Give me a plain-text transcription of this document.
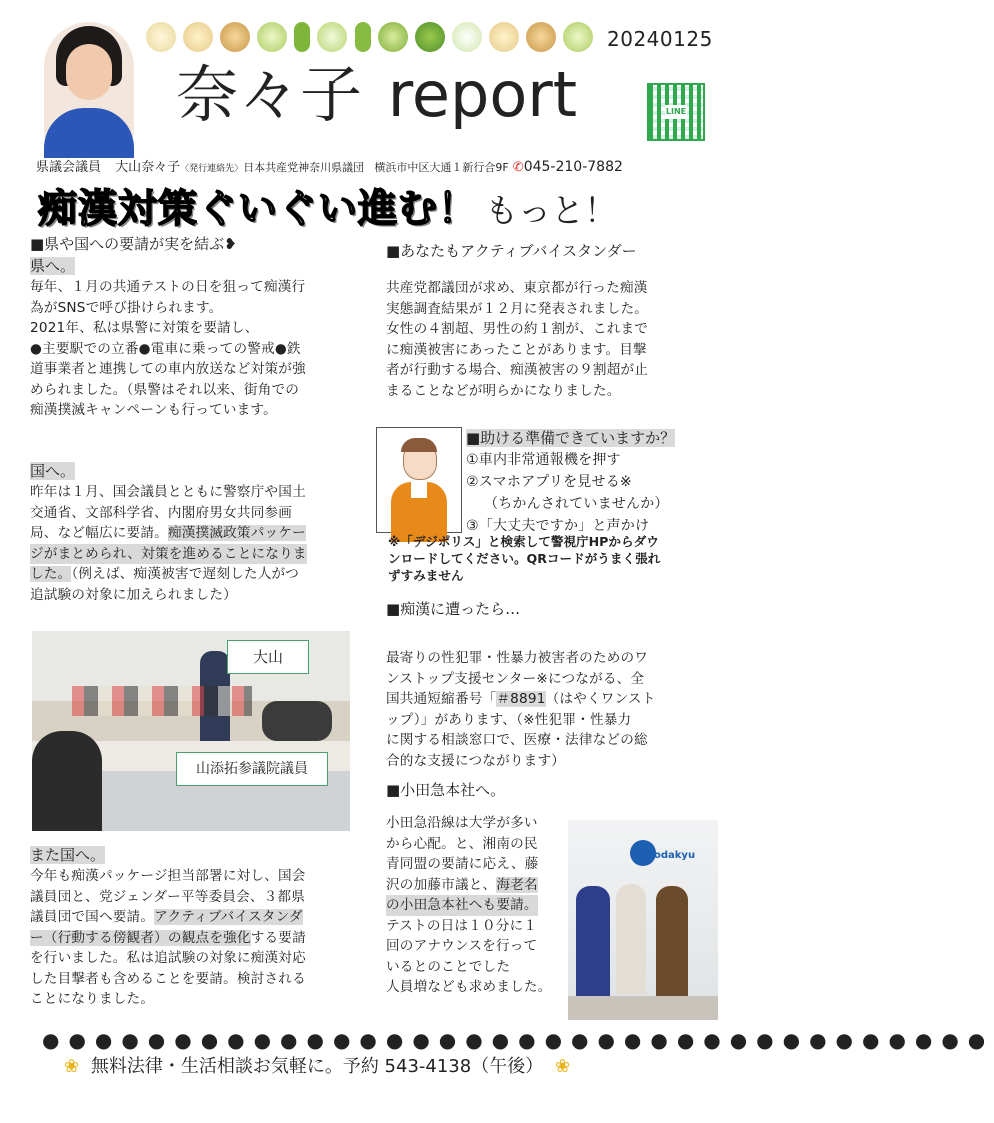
20240125
奈々子 report	LINE
県議会議員 大山奈々子〈発行連絡先〉日本共産党神奈川県議団 横浜市中区大通１新行合9F ✆045-210-7882
痴漢対策ぐいぐい進む！ もっと！
■県や国への要請が実を結ぶ❥
県へ。
毎年、１月の共通テストの日を狙って痴漢行
為がSNSで呼び掛けられます。
2021年、私は県警に対策を要請し、
●主要駅での立番●電車に乗っての警戒●鉄
道事業者と連携しての車内放送など対策が強
められました。（県警はそれ以来、街角での
痴漢撲滅キャンペーンも行っています。
国へ。
昨年は１月、国会議員とともに警察庁や国土
交通省、文部科学省、内閣府男女共同参画
局、など幅広に要請。痴漢撲滅政策パッケー
ジがまとめられ、対策を進めることになりま
した。（例えば、痴漢被害で遅刻した人がつ
追試験の対象に加えられました）
大山
山添拓参議院議員
また国へ。
今年も痴漢パッケージ担当部署に対し、国会
議員団と、党ジェンダー平等委員会、３都県
議員団で国へ要請。アクティブバイスタンダ
ー（行動する傍観者）の観点を強化する要請
を行いました。私は追試験の対象に痴漢対応
した目撃者も含めることを要請。検討される
ことになりました。
■あなたもアクティブバイスタンダー
共産党都議団が求め、東京都が行った痴漢
実態調査結果が１２月に発表されました。
女性の４割超、男性の約１割が、これまで
に痴漢被害にあったことがあります。目撃
者が行動する場合、痴漢被害の９割超が止
まることなどが明らかになりました。
■助ける準備できていますか？
①車内非常通報機を押す
②スマホアプリを見せる※
（ちかんされていませんか）
③「大丈夫ですか」と声かけ
※「デジポリス」と検索して警視庁HPからダウ
ンロードしてください。QRコードがうまく張れ
ずすみません
■痴漢に遭ったら…
最寄りの性犯罪・性暴力被害者のためのワ
ンストップ支援センター※につながる、全
国共通短縮番号「＃8891（はやくワンスト
ップ）」があります、（※性犯罪・性暴力
に関する相談窓口で、医療・法律などの総
合的な支援につながります）
■小田急本社へ。
小田急沿線は大学が多い
から心配。と、湘南の民
青同盟の要請に応え、藤
沢の加藤市議と、海老名
の小田急本社へも要請。
テストの日は１０分に１
回のアナウンスを行って
いるとのことでした
人員増なども求めました。
odakyu
●●●●●●●●●●●●●●●●●●●●●●●●●●●●●●●●●●●●
❀ 無料法律・生活相談お気軽に。予約 543-4138（午後） ❀
